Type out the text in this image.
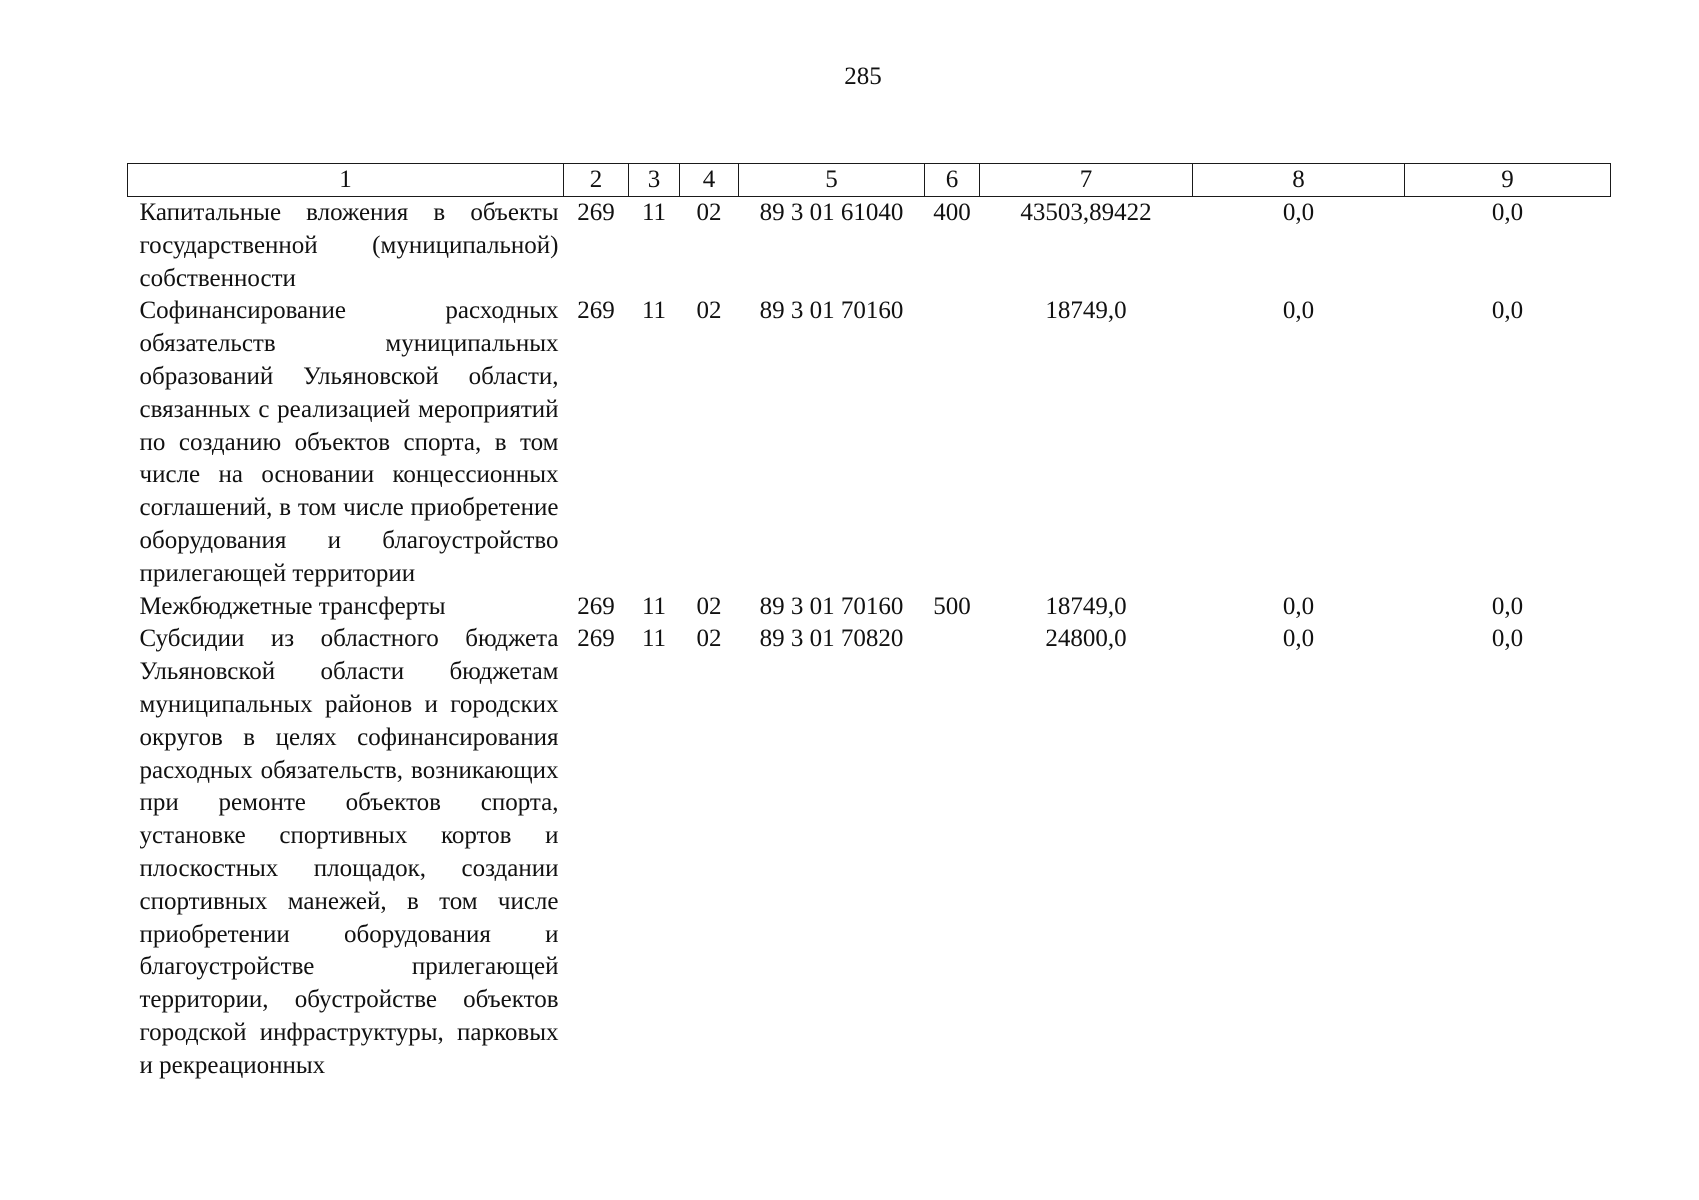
285
1	2	3	4	5	6	7	8	9
Капитальные вложения в объекты государственной (муниципальной) собственности	269	11	02	89 3 01 61040	400	43503,89422	0,0	0,0
Софинансирование расходных обязательств муниципальных образований Ульяновской области, связанных с реализацией мероприятий по созданию объектов спорта, в том числе на основании концессионных соглашений, в том числе приобретение оборудования и благоустройство прилегающей территории	269	11	02	89 3 01 70160		18749,0	0,0	0,0
Межбюджетные трансферты	269	11	02	89 3 01 70160	500	18749,0	0,0	0,0
Субсидии из областного бюджета Ульяновской области бюджетам муниципальных районов и городских округов в целях софинансирования расходных обязательств, возникающих при ремонте объектов спорта, установке спортивных кортов и плоскостных площадок, создании спортивных манежей, в том числе приобретении оборудования и благоустройстве прилегающей территории, обустройстве объектов городской инфраструктуры, парковых и рекреационных	269	11	02	89 3 01 70820		24800,0	0,0	0,0
